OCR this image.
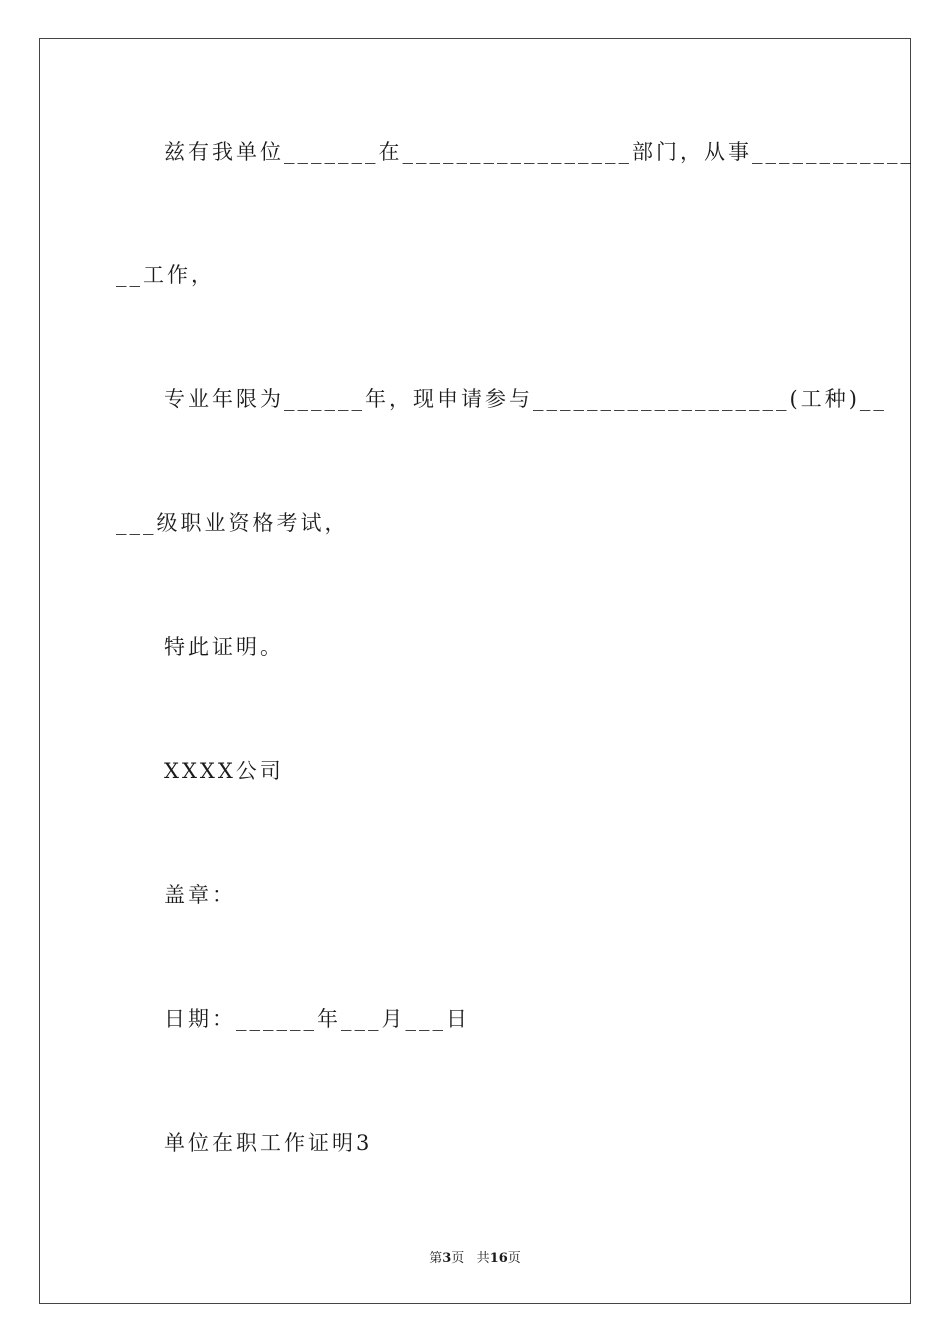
兹有我单位_______在_________________部门，从事____________
__工作，
专业年限为______年，现申请参与___________________(工种)__
___级职业资格考试，
特此证明。
XXXX公司
盖章：
日期：______年___月___日
单位在职工作证明3
第3页 共16页
